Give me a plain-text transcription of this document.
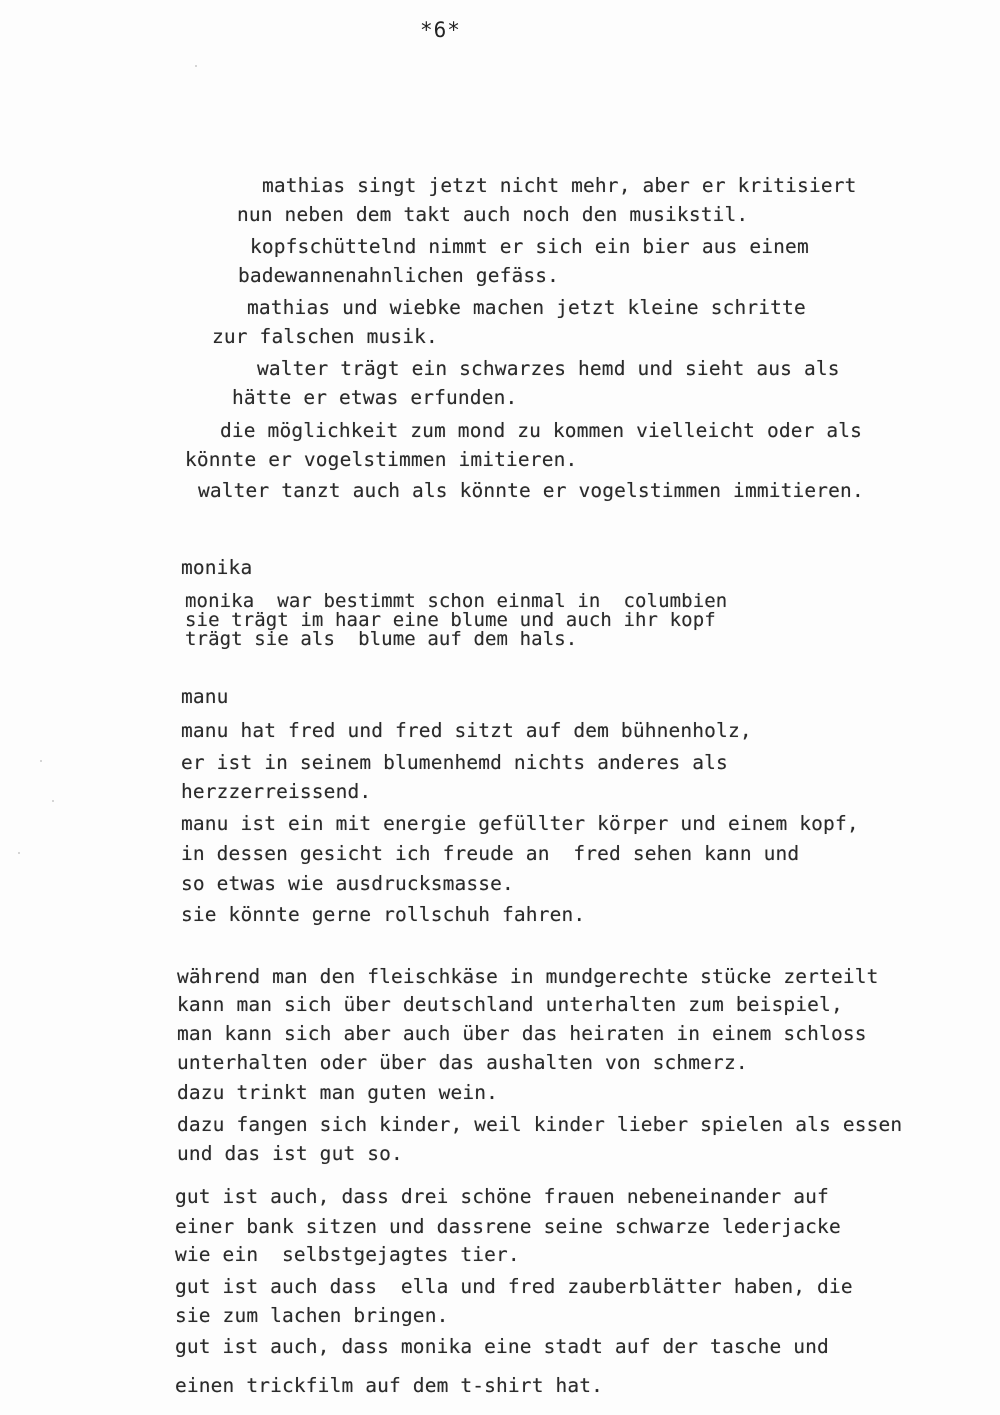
*6*
mathias singt jetzt nicht mehr, aber er kritisiert
nun neben dem takt auch noch den musikstil.
kopfschüttelnd nimmt er sich ein bier aus einem
badewannenahnlichen gefäss.
mathias und wiebke machen jetzt kleine schritte
zur falschen musik.
walter trägt ein schwarzes hemd und sieht aus als
hätte er etwas erfunden.
die möglichkeit zum mond zu kommen vielleicht oder als
könnte er vogelstimmen imitieren.
walter tanzt auch als könnte er vogelstimmen immitieren.
monika
monika  war bestimmt schon einmal in  columbien
sie trägt im haar eine blume und auch ihr kopf
trägt sie als  blume auf dem hals.
manu
manu hat fred und fred sitzt auf dem bühnenholz,
er ist in seinem blumenhemd nichts anderes als
herzzerreissend.
manu ist ein mit energie gefüllter körper und einem kopf,
in dessen gesicht ich freude an  fred sehen kann und
so etwas wie ausdrucksmasse.
sie könnte gerne rollschuh fahren.
während man den fleischkäse in mundgerechte stücke zerteilt
kann man sich über deutschland unterhalten zum beispiel,
man kann sich aber auch über das heiraten in einem schloss
unterhalten oder über das aushalten von schmerz.
dazu trinkt man guten wein.
dazu fangen sich kinder, weil kinder lieber spielen als essen
und das ist gut so.
gut ist auch, dass drei schöne frauen nebeneinander auf
einer bank sitzen und dassrene seine schwarze lederjacke
wie ein  selbstgejagtes tier.
gut ist auch dass  ella und fred zauberblätter haben, die
sie zum lachen bringen.
gut ist auch, dass monika eine stadt auf der tasche und
einen trickfilm auf dem t-shirt hat.
